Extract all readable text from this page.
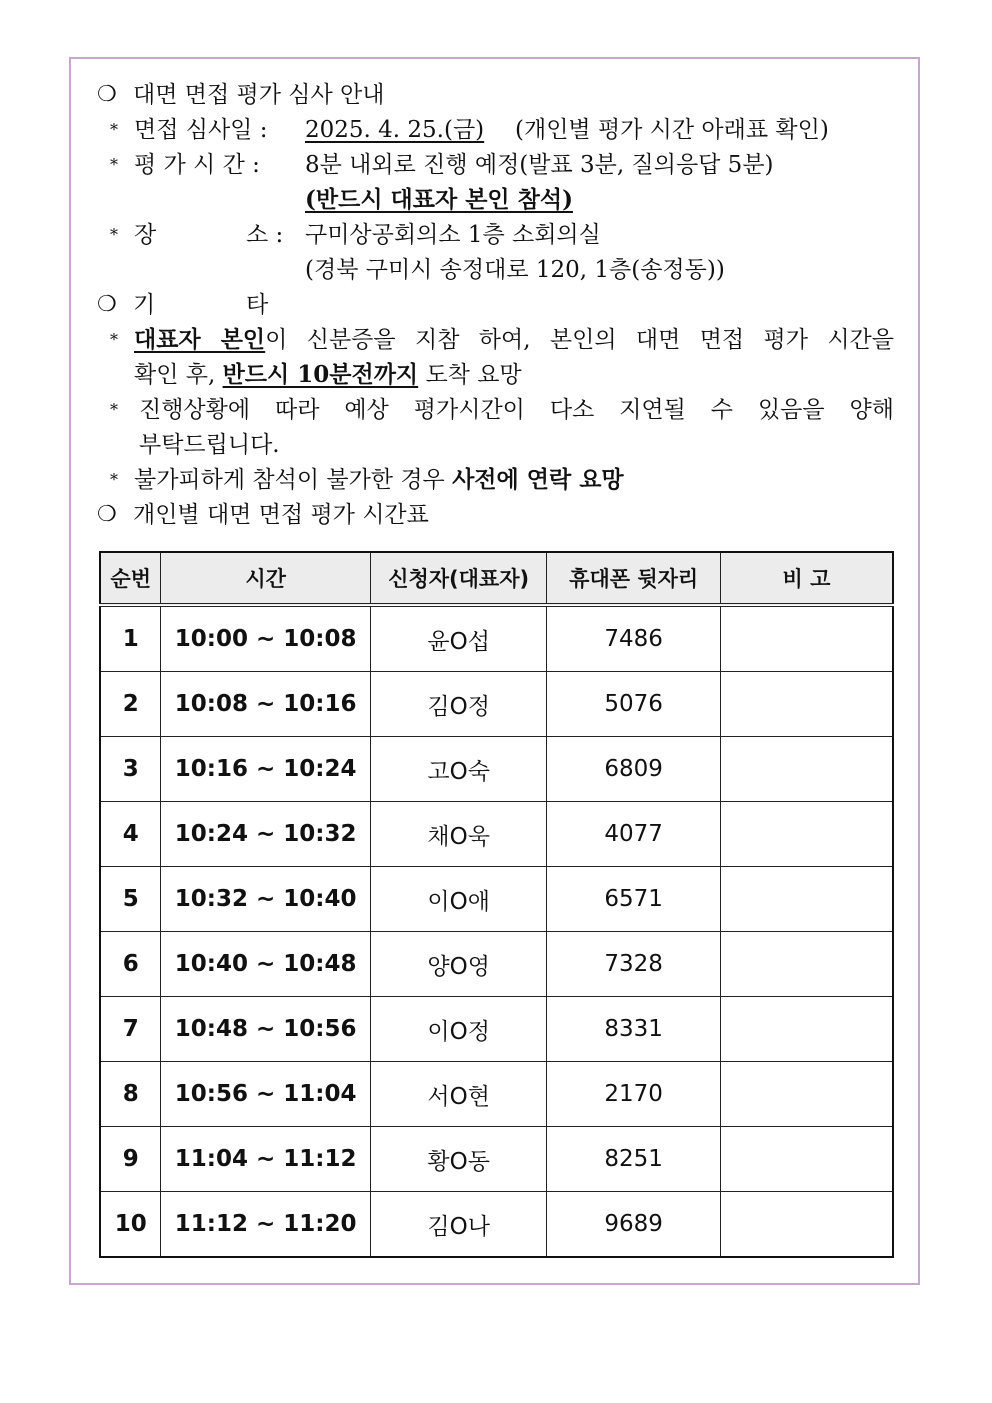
❍ 대면 면접 평가 심사 안내
* 면접 심사일 : 2025. 4. 25.(금) (개인별 평가 시간 아래표 확인)
* 평 가 시 간 : 8분 내외로 진행 예정(발표 3분, 질의응답 5분)
(반드시 대표자 본인 참석)
* 장	소 : 구미상공회의소 1층 소회의실
(경북 구미시 송정대로 120, 1층(송정동))
❍ 기	타
* 대표자 본인이 신분증을 지참 하여, 본인의 대면 면접 평가 시간을
확인 후, 반드시 10분전까지 도착 요망
* 진행상황에 따라 예상 평가시간이 다소 지연될 수 있음을 양해
부탁드립니다.
* 불가피하게 참석이 불가한 경우 사전에 연락 요망
❍ 개인별 대면 면접 평가 시간표
순번	시간	신청자(대표자)	휴대폰 뒷자리	비 고
1	10:00 ~ 10:08	윤O섭	7486	
2	10:08 ~ 10:16	김O정	5076	
3	10:16 ~ 10:24	고O숙	6809	
4	10:24 ~ 10:32	채O욱	4077	
5	10:32 ~ 10:40	이O애	6571	
6	10:40 ~ 10:48	양O영	7328	
7	10:48 ~ 10:56	이O정	8331	
8	10:56 ~ 11:04	서O현	2170	
9	11:04 ~ 11:12	황O동	8251	
10	11:12 ~ 11:20	김O나	9689	
